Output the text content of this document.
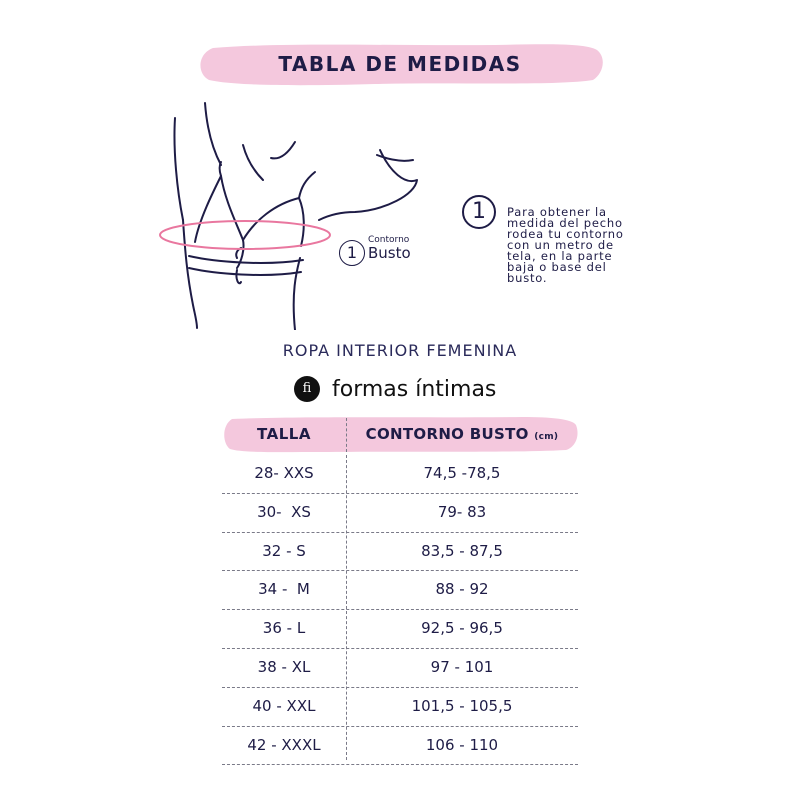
TABLA DE MEDIDAS
1
Contorno
Busto
1	Para obtener la
medida del pecho
rodea tu contorno
con un metro de
tela, en la parte
baja o base del
busto.
ROPA INTERIOR FEMENINA
fi formas íntimas
TALLA	CONTORNO BUSTO (cm)
28- XXS	74,5 -78,5
30-  XS	79- 83
32 - S	83,5 - 87,5
34 -  M	88 - 92
36 - L	92,5 - 96,5
38 - XL	97 - 101
40 - XXL	101,5 - 105,5
42 - XXXL	106 - 110
